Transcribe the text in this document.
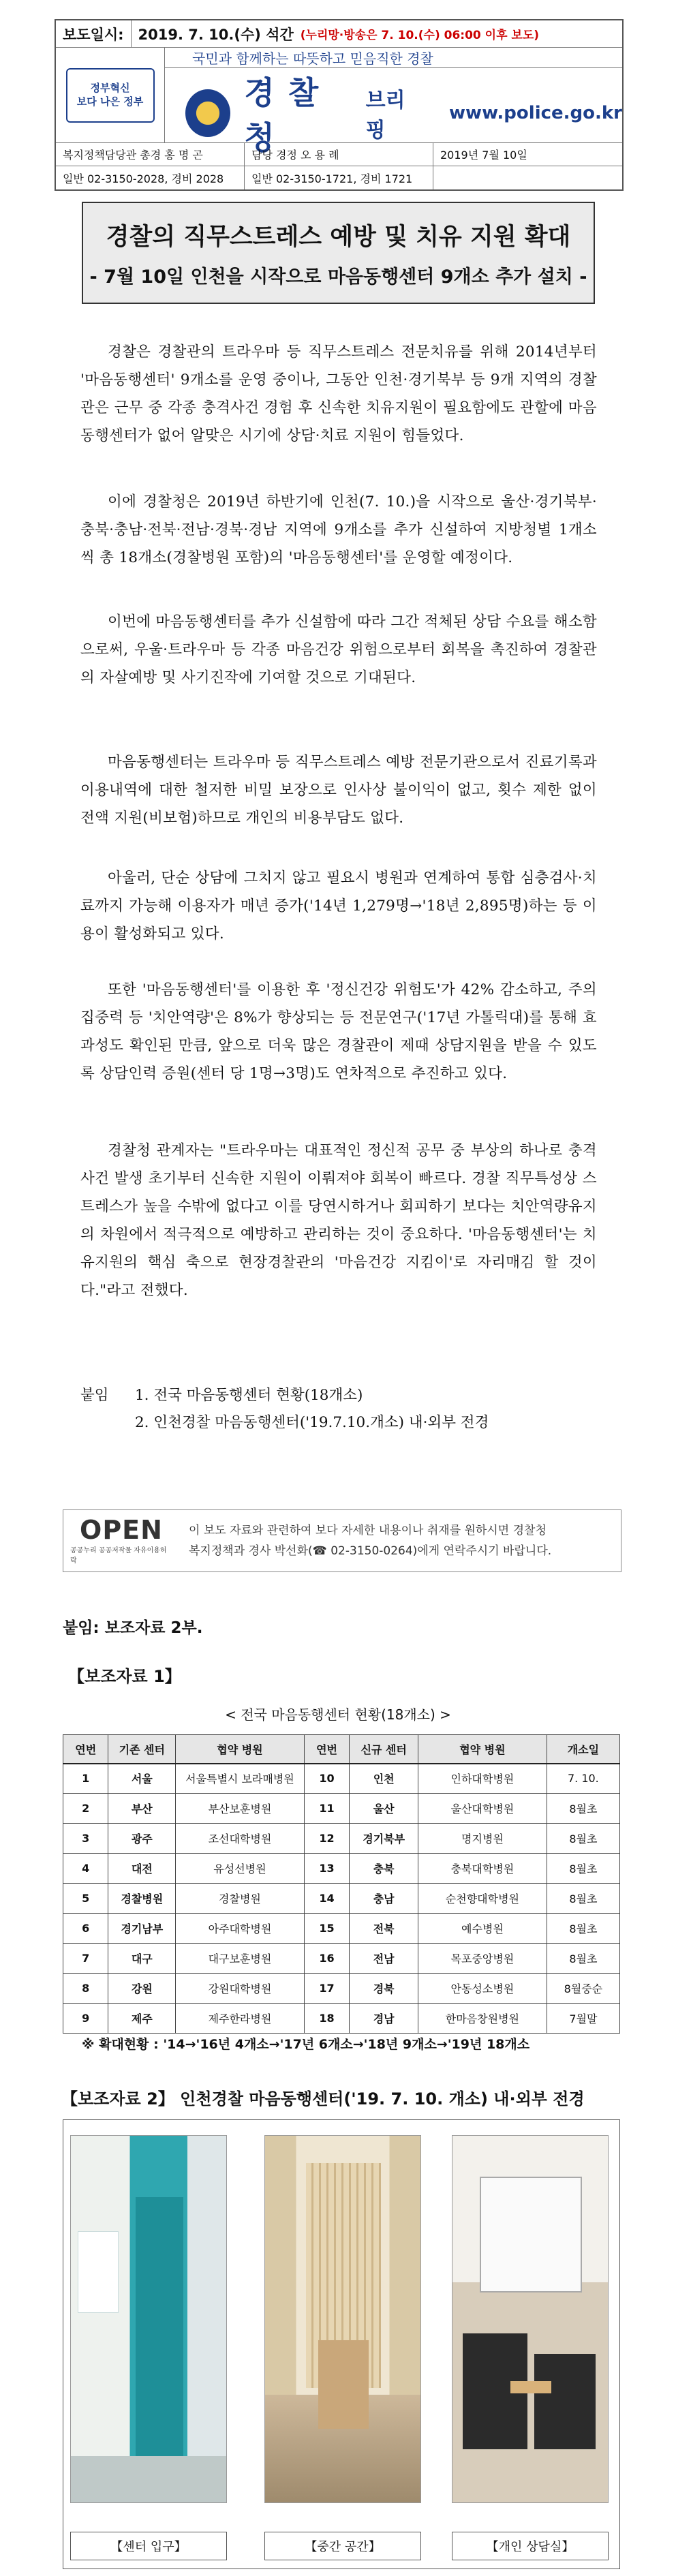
보도일시:	2019. 7. 10.(수) 석간 (누리망·방송은 7. 10.(수) 06:00 이후 보도)
정부혁신
보다 나은 정부
국민과 함께하는 따뜻하고 믿음직한 경찰
경 찰 청
브리핑
www.police.go.kr
복지정책담당관 총경 홍 명 곤	담당 경정 오 용 례	2019년 7월 10일
일반 02-3150-2028, 경비 2028	일반 02-3150-1721, 경비 1721
경찰의 직무스트레스 예방 및 치유 지원 확대
- 7월 10일 인천을 시작으로 마음동행센터 9개소 추가 설치 -

경찰은 경찰관의 트라우마 등 직무스트레스 전문치유를 위해 2014년부터 '마음동행센터' 9개소를 운영 중이나, 그동안 인천·경기북부 등 9개 지역의 경찰관은 근무 중 각종 충격사건 경험 후 신속한 치유지원이 필요함에도 관할에 마음동행센터가 없어 알맞은 시기에 상담·치료 지원이 힘들었다.

이에 경찰청은 2019년 하반기에 인천(7. 10.)을 시작으로 울산·경기북부·충북·충남·전북·전남·경북·경남 지역에 9개소를 추가 신설하여 지방청별 1개소씩 총 18개소(경찰병원 포함)의 '마음동행센터'를 운영할 예정이다.

이번에 마음동행센터를 추가 신설함에 따라 그간 적체된 상담 수요를 해소함으로써, 우울·트라우마 등 각종 마음건강 위험으로부터 회복을 촉진하여 경찰관의 자살예방 및 사기진작에 기여할 것으로 기대된다.

마음동행센터는 트라우마 등 직무스트레스 예방 전문기관으로서 진료기록과 이용내역에 대한 철저한 비밀 보장으로 인사상 불이익이 없고, 횟수 제한 없이 전액 지원(비보험)하므로 개인의 비용부담도 없다.

아울러, 단순 상담에 그치지 않고 필요시 병원과 연계하여 통합 심층검사·치료까지 가능해 이용자가 매년 증가('14년 1,279명→'18년 2,895명)하는 등 이용이 활성화되고 있다.

또한 '마음동행센터'를 이용한 후 '정신건강 위험도'가 42% 감소하고, 주의집중력 등 '치안역량'은 8%가 향상되는 등 전문연구('17년 가톨릭대)를 통해 효과성도 확인된 만큼, 앞으로 더욱 많은 경찰관이 제때 상담지원을 받을 수 있도록 상담인력 증원(센터 당 1명→3명)도 연차적으로 추진하고 있다.

경찰청 관계자는 "트라우마는 대표적인 정신적 공무 중 부상의 하나로 충격사건 발생 초기부터 신속한 지원이 이뤄져야 회복이 빠르다. 경찰 직무특성상 스트레스가 높을 수밖에 없다고 이를 당연시하거나 회피하기 보다는 치안역량유지의 차원에서 적극적으로 예방하고 관리하는 것이 중요하다. '마음동행센터'는 치유지원의 핵심 축으로 현장경찰관의 '마음건강 지킴이'로 자리매김 할 것이다."라고 전했다.

붙임	1. 전국 마음동행센터 현황(18개소)
2. 인천경찰 마음동행센터('19.7.10.개소) 내·외부 전경
OPEN
공공누리 공공저작물 자유이용허락
이 보도 자료와 관련하여 보다 자세한 내용이나 취재를 원하시면 경찰청
복지정책과 경사 박선화(☎ 02-3150-0264)에게 연락주시기 바랍니다.
붙임: 보조자료 2부.
【보조자료 1】
< 전국 마음동행센터 현황(18개소) >
연번	기존 센터	협약 병원	연번	신규 센터	협약 병원	개소일
1	서울	서울특별시 보라매병원	10	인천	인하대학병원	7. 10.
2	부산	부산보훈병원	11	울산	울산대학병원	8월초
3	광주	조선대학병원	12	경기북부	명지병원	8월초
4	대전	유성선병원	13	충북	충북대학병원	8월초
5	경찰병원	경찰병원	14	충남	순천향대학병원	8월초
6	경기남부	아주대학병원	15	전북	예수병원	8월초
7	대구	대구보훈병원	16	전남	목포중앙병원	8월초
8	강원	강원대학병원	17	경북	안동성소병원	8월중순
9	제주	제주한라병원	18	경남	한마음창원병원	7월말
※ 확대현황 : '14→'16년 4개소→'17년 6개소→'18년 9개소→'19년 18개소
【보조자료 2】 인천경찰 마음동행센터('19. 7. 10. 개소) 내·외부 전경
【센터 입구】	【중간 공간】	【개인 상담실】
